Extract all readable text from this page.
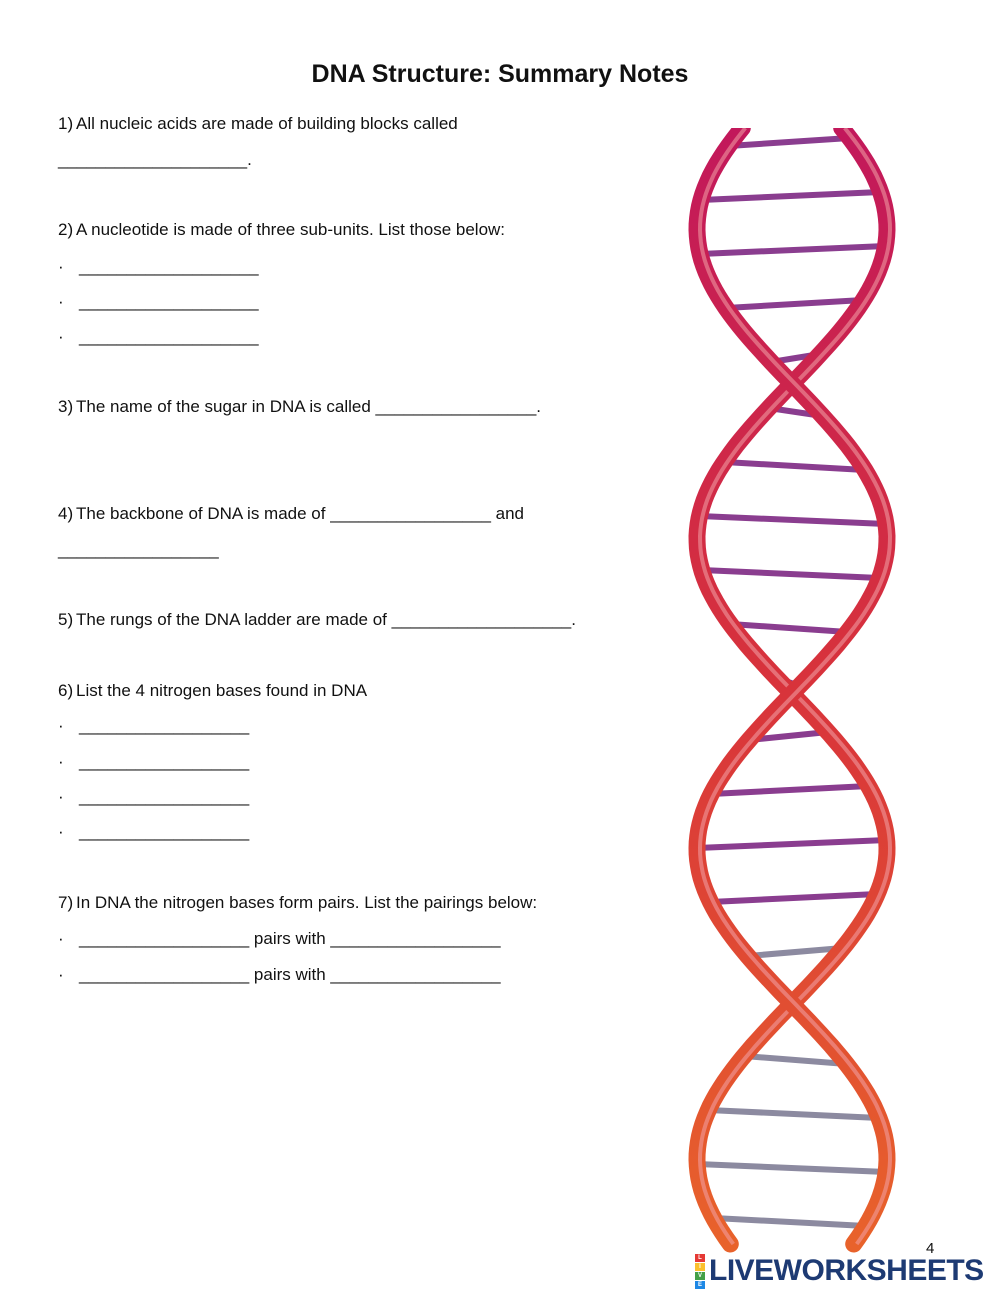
DNA Structure: Summary Notes
1) All nucleic acids are made of building blocks called
____________________.
2) A nucleotide is made of three sub-units. List those below:
· ___________________
· ___________________
· ___________________
3) The name of the sugar in DNA is called _________________.
4) The backbone of DNA is made of _________________ and
_________________
5) The rungs of the DNA ladder are made of ___________________.
6) List the 4 nitrogen bases found in DNA
· __________________
· __________________
· __________________
· __________________
7) In DNA the nitrogen bases form pairs. List the pairings below:
· __________________ pairs with __________________
· __________________ pairs with __________________
4
L
I
V
E LIVEWORKSHEETS
